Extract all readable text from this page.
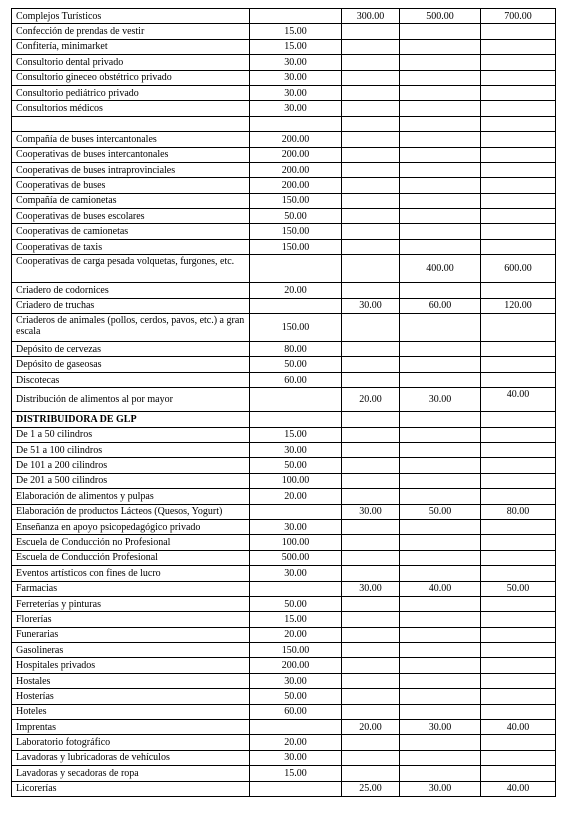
Complejos Turísticos		300.00	500.00	700.00
Confección de prendas de vestir	15.00			
Confitería, minimarket	15.00			
Consultorio dental privado	30.00			
Consultorio gineceo obstétrico privado	30.00			
Consultorio pediátrico privado	30.00			
Consultorios médicos	30.00			

Compañía de buses intercantonales	200.00			
Cooperativas de buses intercantonales	200.00			
Cooperativas de buses intraprovinciales	200.00			
Cooperativas de buses	200.00			
Compañía de camionetas	150.00			
Cooperativas de buses escolares	50.00			
Cooperativas de camionetas	150.00			
Cooperativas de taxis	150.00			
Cooperativas de carga pesada volquetas, furgones, etc.			400.00	600.00
Criadero de codornices	20.00			
Criadero de truchas		30.00	60.00	120.00
Criaderos de animales (pollos, cerdos, pavos, etc.) a gran escala	150.00			
Depósito de cervezas	80.00			
Depósito de gaseosas	50.00			
Discotecas	60.00			
Distribución de alimentos al por mayor		20.00	30.00	40.00
DISTRIBUIDORA DE GLP				
De 1 a 50 cilindros	15.00			
De 51 a 100 cilindros	30.00			
De 101 a 200 cilindros	50.00			
De 201 a 500 cilindros	100.00			
Elaboración de alimentos y pulpas	20.00			
Elaboración de productos Lácteos (Quesos, Yogurt)		30.00	50.00	80.00
Enseñanza en apoyo psicopedagógico privado	30.00			
Escuela de Conducción no Profesional	100.00			
Escuela de Conducción Profesional	500.00			
Eventos artísticos con fines de lucro	30.00			
Farmacias		30.00	40.00	50.00
Ferreterías y pinturas	50.00			
Florerías	15.00			
Funerarias	20.00			
Gasolineras	150.00			
Hospitales privados	200.00			
Hostales	30.00			
Hosterías	50.00			
Hoteles	60.00			
Imprentas		20.00	30.00	40.00
Laboratorio fotográfico	20.00			
Lavadoras y lubricadoras de vehículos	30.00			
Lavadoras y secadoras de ropa	15.00			
Licorerías		25.00	30.00	40.00
